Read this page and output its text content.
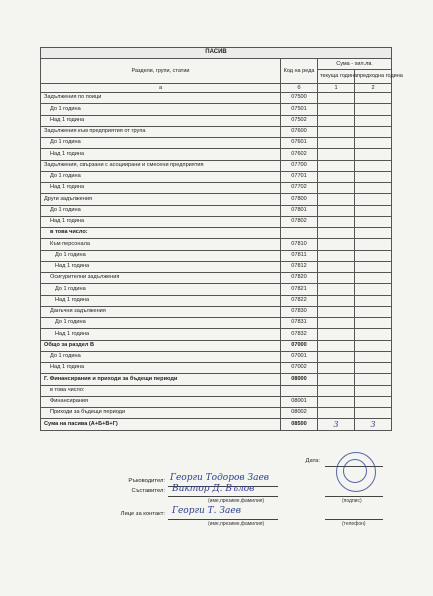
ПАСИВ			
Раздели, групи, статии	Код на реда	Сума - хил.лв.	
		текуща година	предходна година
а	б	1	2
Задължения по поици	07500		
До 1 година	07501		
Над 1 година	07502		
Задължения към предприятия от група	07600		
До 1 година	07601		
Над 1 година	07602		
Задължения, свързани с асоциирани и смесени предприятия	07700		
До 1 година	07701		
Над 1 година	07702		
Други задължения	07800		
До 1 година	07801		
Над 1 година	07802		
в това число:			
Към персонала	07810		
До 1 година	07811		
Над 1 година	07812		
Осигурителни задължения	07820		
До 1 година	07821		
Над 1 година	07822		
Данъчни задължения	07830		
До 1 година	07831		
Над 1 година	07832		
Общо за раздел В	07000		
До 1 година	07001		
Над 1 година	07002		
Г. Финансирания и приходи за бъдещи периоди	08000		
в това число:			
Финансирания	08001		
Приходи за бъдещи периоди	08002		
Сума на пасива (А+Б+В+Г)	08500	3	3
Дата:
Ръководител: Георги Тодоров Заев
Съставител: Виктор Д. Вълов
(име,презиме,фамилия)	(подпис)
Лице за контакт: Георги Т. Заев
(име,презиме,фамилия)	(телефон)
